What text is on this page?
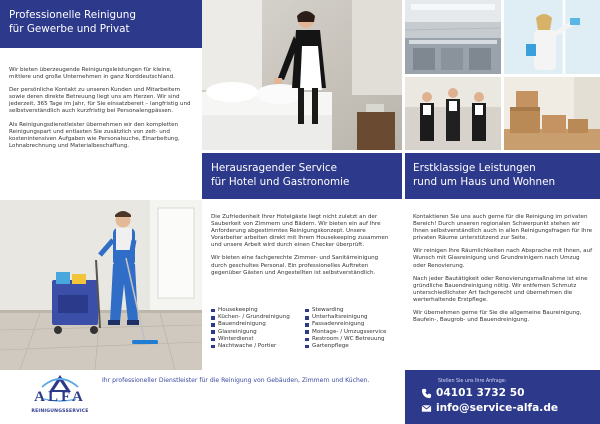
Professionelle Reinigung
für Gewerbe und Privat

Wir bieten überzeugende Reinigungsleistungen für kleine, mittlere und große Unternehmen in ganz Norddeutschland.

Der persönliche Kontakt zu unseren Kunden und Mitarbeitern sowie deren direkte Betreuung liegt uns am Herzen. Wir sind jederzeit, 365 Tage im Jahr, für Sie einsatzbereit – langfristig und selbstverständlich auch kurzfristig bei Personalengpässen.

Als Reinigungsdienstleister übernehmen wir den kompletten Reinigungspart und entlasten Sie zusätzlich von zeit- und kostenintensiven Aufgaben wie Personalsuche, Einarbeitung, Lohnabrechnung und Materialbeschaffung.

Herausragender Service
für Hotel und Gastronomie

Die Zufriedenheit Ihrer Hotelgäste liegt nicht zuletzt an der Sauberkeit von Zimmern und Bädern. Wir bieten ein auf Ihre Anforderung abgestimmtes Reinigungskonzept. Unsere Vorarbeiter arbeiten direkt mit Ihrem Housekeeping zusammen und unsere Arbeit wird durch einen Checker überprüft.

Wir bieten eine fachgerechte Zimmer- und Sanitärreinigung durch geschultes Personal. Ein professionelles Auftreten gegenüber Gästen und Angestellten ist selbstverständlich.

Housekeeping
Küchen- / Grundreinigung
Bauendreinigung
Glasreinigung
Winterdienst
Nachtwache / Portier
Stewarding
Unterhaltsreinigung
Fassadenreinigung
Montage- / Umzugsservice
Restroom / WC Betreuung
Gartenpflege
Erstklassige Leistungen
rund um Haus und Wohnen

Kontaktieren Sie uns auch gerne für die Reinigung im privaten Bereich! Durch unseren regionalen Schwerpunkt stehen wir Ihnen selbstverständlich auch in allen Reinigungsfragen für Ihre privaten Räume unterstützend zur Seite.

Wir reinigen Ihre Räumlichkeiten nach Absprache mit Ihnen, auf Wunsch mit Glasreinigung und Grundreinigern nach Umzug oder Renovierung.

Nach jeder Bautätigkeit oder Renovierungsmaßnahme ist eine gründliche Bauendreinigung nötig. Wir entfernen Schmutz unterschiedlichster Art fachgerecht und übernehmen die werterhaltende Erstpflege.

Wir übernehmen gerne für Sie die allgemeine Baureinigung, Baufein-, Baugrob- und Bauendreinigung.

ALFA
REINIGUNGSSERVICE
Ihr professioneller Dienstleister für die Reinigung von Gebäuden, Zimmern und Küchen.	Stellen Sie uns Ihre Anfrage:
04101 3732 50
info@service-alfa.de
